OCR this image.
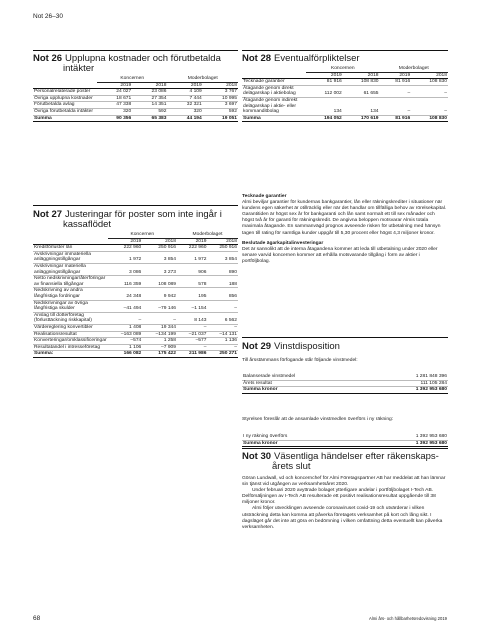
Not 26–30
Not 26 Upplupna kostnader och förutbetalda
intäkter
	Koncernen		Moderbolaget	
	2019	2018	2019	2018
Personalrelaterade poster	24 027	23 086	4 109	3 767
Övriga upplupna kostnader	18 671	27 354	7 444	10 995
Förutbetalda avlag	47 338	14 351	32 321	3 697
Övriga förutbetalda intäkter	320	592	320	592
Summa	90 356	65 383	44 194	19 051
Not 27 Justeringar för poster som inte ingår i
kassaflödet
	Koncernen		Moderbolaget	
	2019	2018	2019	2018
Kreditförluster lån	222 960	250 916	222 960	250 916
Avskrivningar immateriella anläggningstillgångar	1 972	3 854	1 972	3 854
Avskrivningar materiella anläggningstillgångar	3 086	3 273	906	890
Netto nedskrivningar/återföringar av finansiella tillgångar	116 359	108 089	578	188
Nedskrivning av andra långfristiga fordringar	24 348	9 942	195	856
Nedskrivningar av övriga långfristiga skulder	–41 494	–79 146	–1 154	–
Anslag till dotterföretag (förlusttäckning riskkapital)	–	–	8 143	6 562
Värdereglering konvertibler	1 408	19 344	–	–
Realisationsresultat	–163 089	–134 199	–21 037	–14 131
Konverteringar/omklassificeringar	–574	1 258	–577	1 136
Resultatandel i intresseföretag	1 106	–7 909	–	–
Summa:	166 082	175 422	211 986	250 271
Not 28 Eventualförpliktelser
	Koncernen		Moderbolaget	
	2019	2018	2019	2018
Tecknade garantier	81 916	108 830	81 916	108 830
Åtagande genom direkt delägarskap i aktiebolag	112 002	61 655	–	–
Åtagande genom indirekt delägarskap i aktie- eller kommanditbolag	134	134	–	–
Summa	194 052	170 619	81 916	108 830
Tecknade garantier

Almi beviljar garantier för kundernas bankgarantier, lån eller räkningskrediter i situationer när kundens egen säkerhet är otillräcklig eller när det handlar om tillfälliga behov av rörelsekapital. Garantitiden är högst sex år för bankgaranti och lån samt normalt ett till sex månader och högst två år för garanti för räkningskredit. De angivna beloppen motsvarar Almis totala maximala åtagande. En sammanvägd prognos avseende risken för utbetalning med hänsyn tagen till rating för samtliga kunder uppgår till 5,30 procent eller högst 4,3 miljoner kronor.

Beslutade ägarkapitalinvesteringar

Det är sannolikt att de interna åtagandena kommer att leda till utbetalning under 2020 eller senare varvid koncernen kommer att erhålla motsvarande tillgång i form av aktier i portföljbolag.

Not 29 Vinstdisposition
Till årsstämmans förfogande står följande vinstmedel:
Balanserade vinstmedel	1 281 848 396
Årets resultat	111 105 284
Summa kronor	1 392 953 680
Styrelsen föreslår att de ansamlade vinstmedlen överförs i ny räkning:
I ny räkning överförs	1 392 953 680
Summa kronor	1 392 953 680
Not 30 Väsentliga händelser efter räkenskaps-
årets slut

Göran Lundwall, vd och koncernchef för Almi Företagspartner AB har meddelat att han lämnar sin tjänst vid utgången av verksamhetsåret 2020.

Under februari 2020 avyttrade bolaget ytterligare andelar i portföljbolaget I-Tech AB. Delförsäljningen av I-Tech AB resulterade ett positivt realisationsresultat uppgående till 38 miljoner kronor.

Almi följer utvecklingen avseende coronaviruset covid-19 och utvärderar i vilken utsträckning detta kan komma att påverka företagets verksamhet på kort och lång sikt. I dagsläget går det inte att göra en bedömning i vilken omfattning detta eventuellt kan påverka verksamheten.

68	Almi års- och hållbarhetsredovisning 2019
